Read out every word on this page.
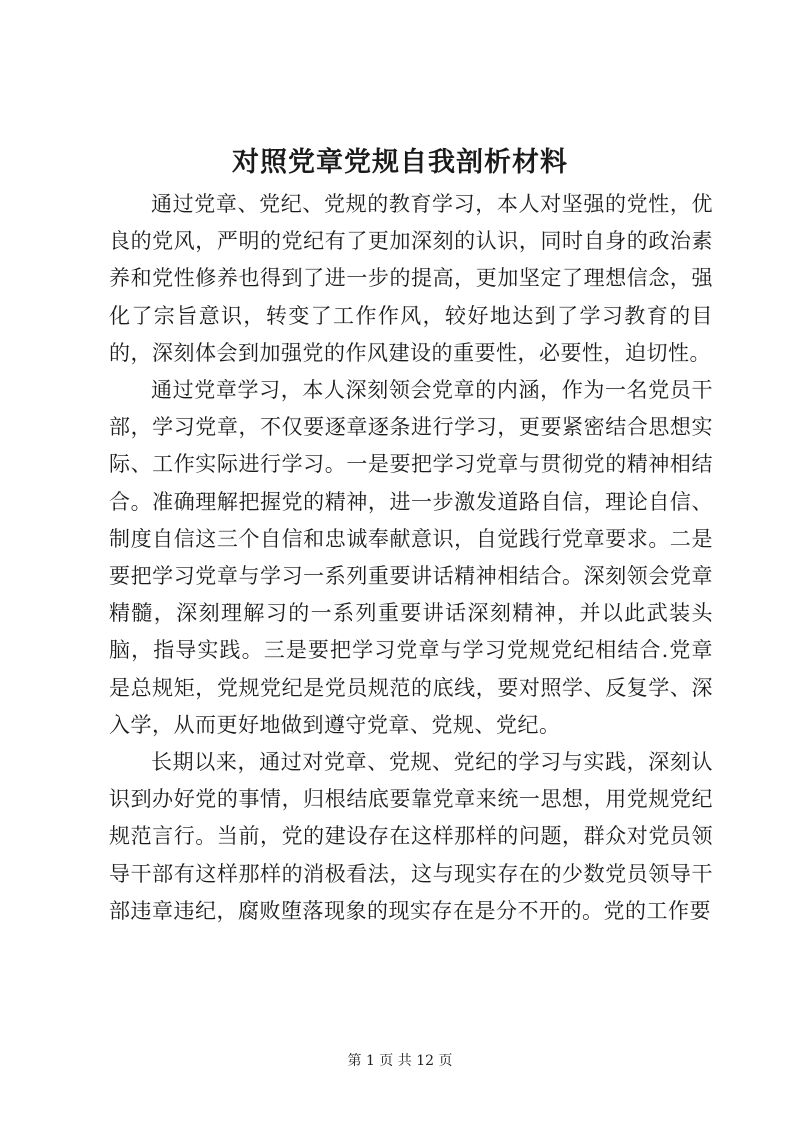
对照党章党规自我剖析材料

通过党章、党纪、党规的教育学习，本人对坚强的党性，优良的党风，严明的党纪有了更加深刻的认识，同时自身的政治素养和党性修养也得到了进一步的提高，更加坚定了理想信念，强化了宗旨意识，转变了工作作风，较好地达到了学习教育的目的，深刻体会到加强党的作风建设的重要性，必要性，迫切性。

通过党章学习，本人深刻领会党章的内涵，作为一名党员干部，学习党章，不仅要逐章逐条进行学习，更要紧密结合思想实际、工作实际进行学习。一是要把学习党章与贯彻党的精神相结合。准确理解把握党的精神，进一步激发道路自信，理论自信、制度自信这三个自信和忠诚奉献意识，自觉践行党章要求。二是要把学习党章与学习一系列重要讲话精神相结合。深刻领会党章精髓，深刻理解习的一系列重要讲话深刻精神，并以此武装头脑，指导实践。三是要把学习党章与学习党规党纪相结合.党章是总规矩，党规党纪是党员规范的底线，要对照学、反复学、深入学，从而更好地做到遵守党章、党规、党纪。

长期以来，通过对党章、党规、党纪的学习与实践，深刻认识到办好党的事情，归根结底要靠党章来统一思想，用党规党纪规范言行。当前，党的建设存在这样那样的问题，群众对党员领导干部有这样那样的消极看法，这与现实存在的少数党员领导干部违章违纪，腐败堕落现象的现实存在是分不开的。党的工作要

第 1 页 共 12 页
